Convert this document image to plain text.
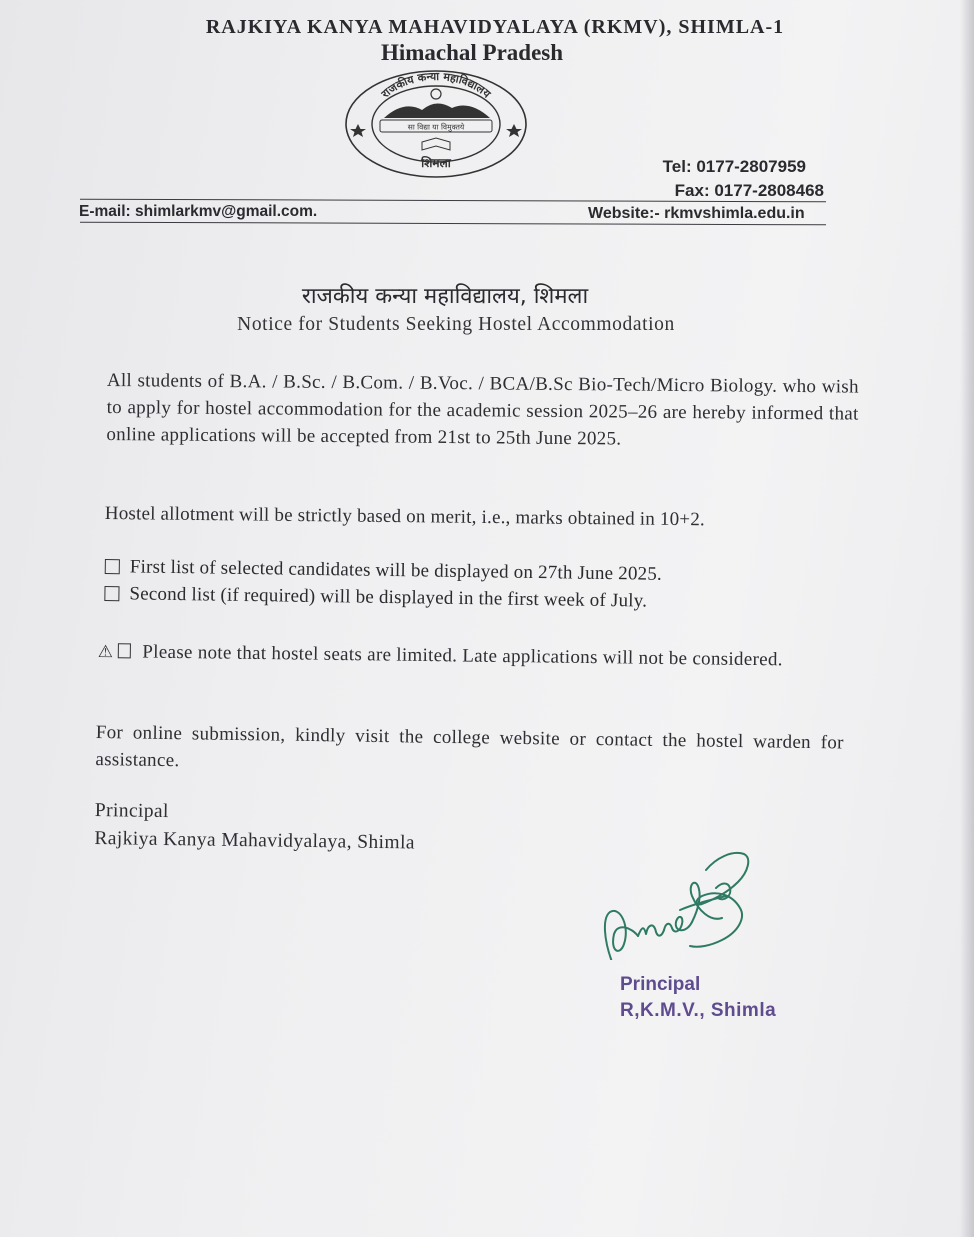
RAJKIYA KANYA MAHAVIDYALAYA (RKMV), SHIMLA-1
Himachal Pradesh
राजकीय कन्या महाविद्यालय
सा विद्या या विमुक्तये
शिमला	Tel: 0177-2807959
Fax: 0177-2808468
E-mail: shimlarkmv@gmail.com.	Website:- rkmvshimla.edu.in
राजकीय कन्या महाविद्यालय, शिमला
Notice for Students Seeking Hostel Accommodation

All students of B.A. / B.Sc. / B.Com. / B.Voc. / BCA/B.Sc Bio-Tech/Micro Biology. who wish to apply for hostel accommodation for the academic session 2025–26 are hereby informed that online applications will be accepted from 21st to 25th June 2025.

Hostel allotment will be strictly based on merit, i.e., marks obtained in 10+2.

First list of selected candidates will be displayed on 27th June 2025.
Second list (if required) will be displayed in the first week of July.

⚠ Please note that hostel seats are limited. Late applications will not be considered.

For online submission, kindly visit the college website or contact the hostel warden for assistance.

Principal
Rajkiya Kanya Mahavidyalaya, Shimla
Principal
R,K.M.V., Shimla
